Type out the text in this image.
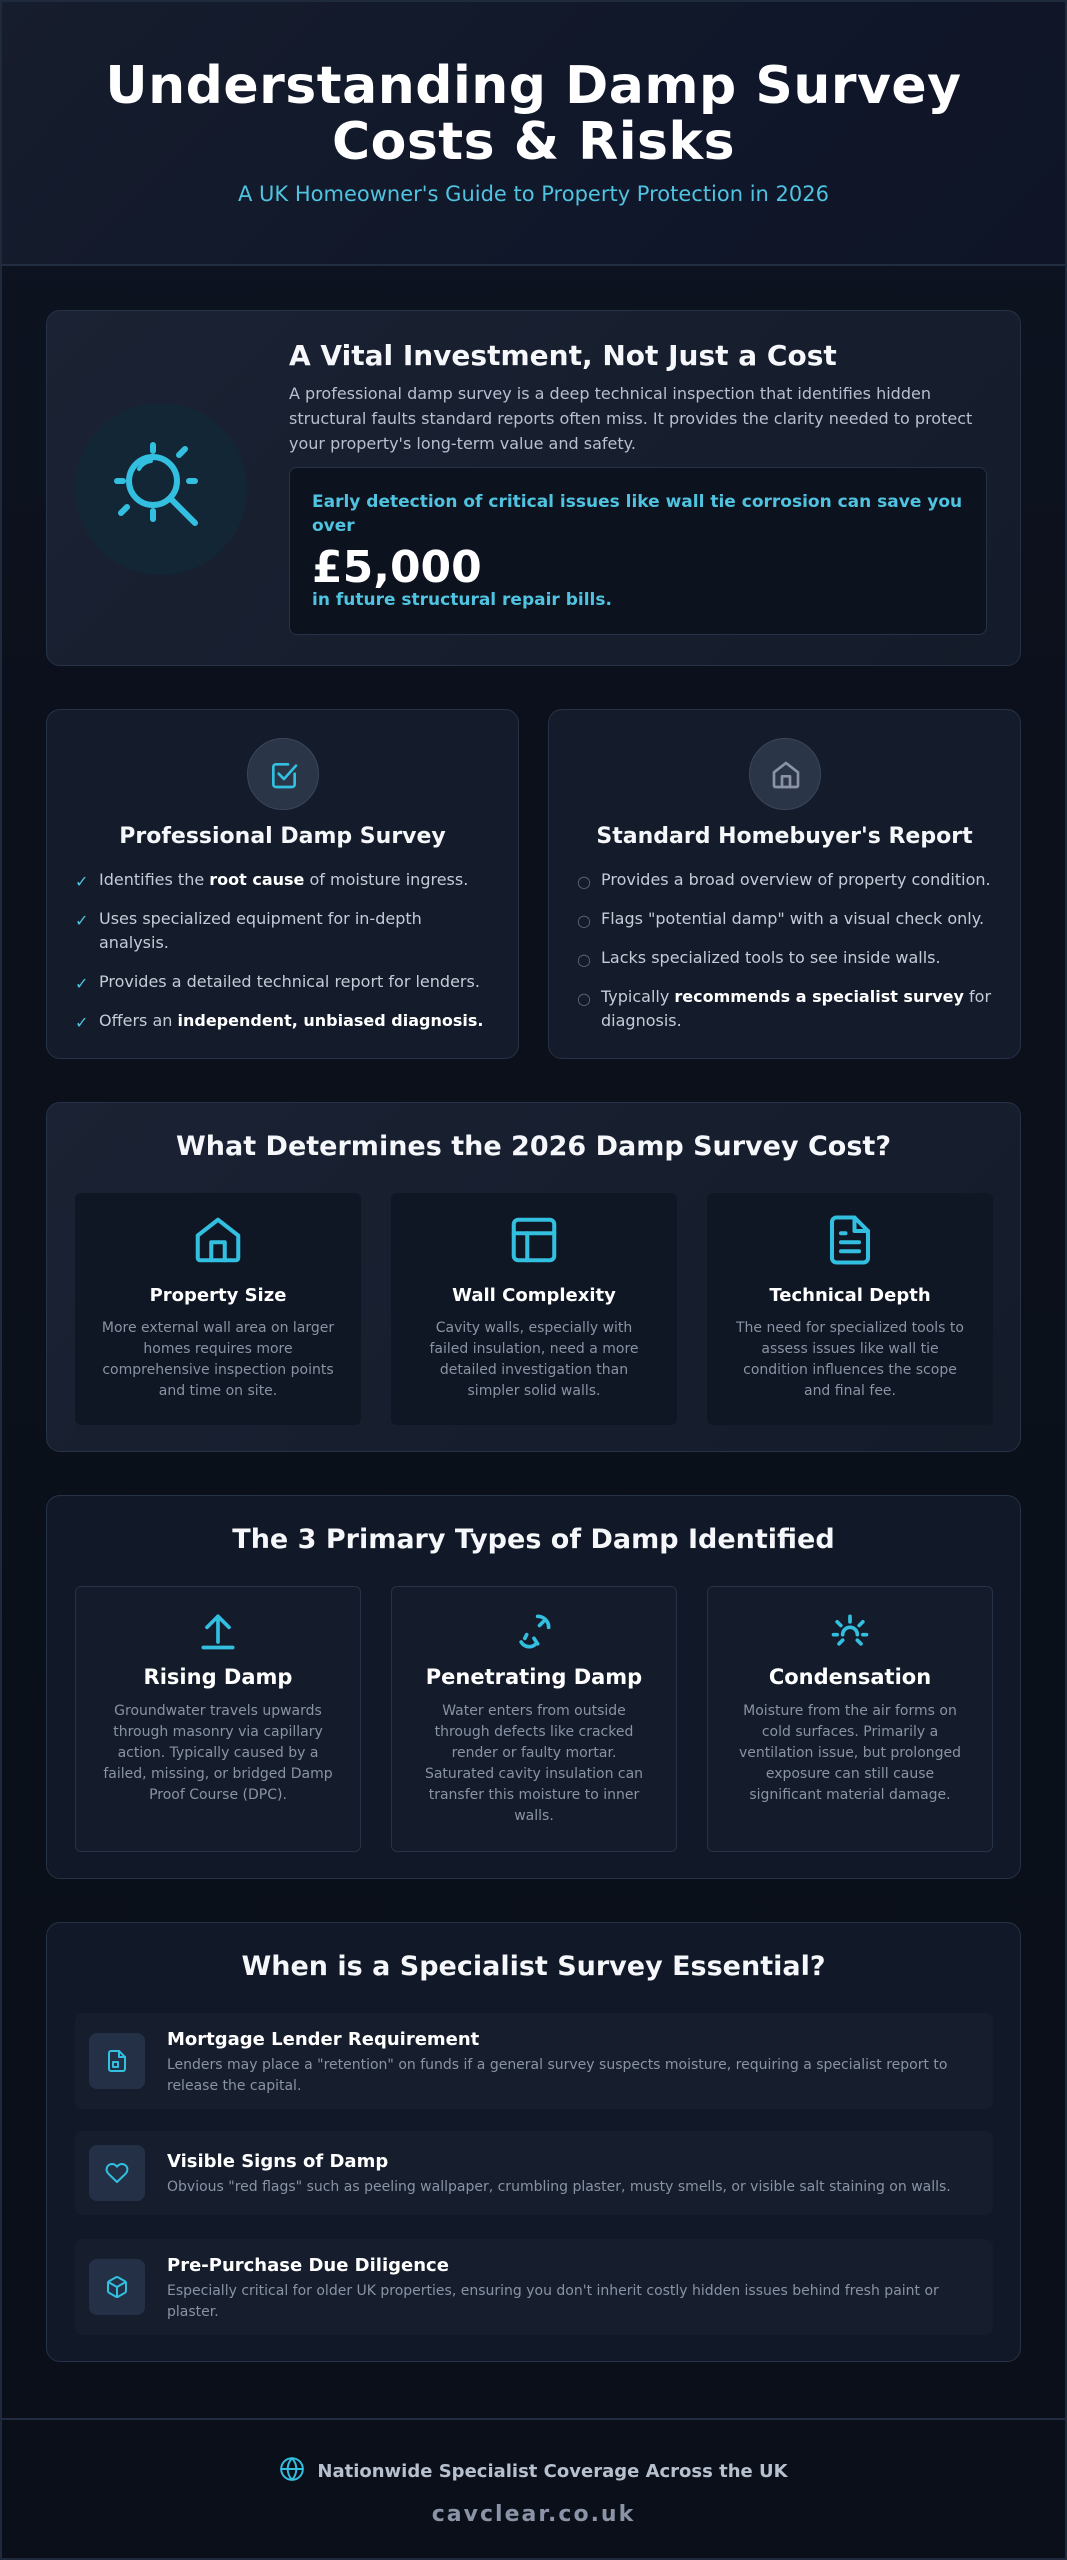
Understanding Damp Survey Costs & Risks
A UK Homeowner's Guide to Property Protection in 2026
A Vital Investment, Not Just a Cost
A professional damp survey is a deep technical inspection that identifies hidden structural faults standard reports often miss. It provides the clarity needed to protect your property's long-term value and safety.
Early detection of critical issues like wall tie corrosion can save you over
£5,000
in future structural repair bills.
Professional Damp Survey
✓ Identifies the root cause of moisture ingress.
✓ Uses specialized equipment for in-depth analysis.
✓ Provides a detailed technical report for lenders.
✓ Offers an independent, unbiased diagnosis.
Standard Homebuyer's Report
○ Provides a broad overview of property condition.
○ Flags "potential damp" with a visual check only.
○ Lacks specialized tools to see inside walls.
○ Typically recommends a specialist survey for diagnosis.
What Determines the 2026 Damp Survey Cost?
Property Size
More external wall area on larger homes requires more comprehensive inspection points and time on site.
Wall Complexity
Cavity walls, especially with failed insulation, need a more detailed investigation than simpler solid walls.
Technical Depth
The need for specialized tools to assess issues like wall tie condition influences the scope and final fee.
The 3 Primary Types of Damp Identified
Rising Damp
Groundwater travels upwards through masonry via capillary action. Typically caused by a failed, missing, or bridged Damp Proof Course (DPC).
Penetrating Damp
Water enters from outside through defects like cracked render or faulty mortar. Saturated cavity insulation can transfer this moisture to inner walls.
Condensation
Moisture from the air forms on cold surfaces. Primarily a ventilation issue, but prolonged exposure can still cause significant material damage.
When is a Specialist Survey Essential?
Mortgage Lender Requirement
Lenders may place a "retention" on funds if a general survey suspects moisture, requiring a specialist report to release the capital.
Visible Signs of Damp
Obvious "red flags" such as peeling wallpaper, crumbling plaster, musty smells, or visible salt staining on walls.
Pre-Purchase Due Diligence
Especially critical for older UK properties, ensuring you don't inherit costly hidden issues behind fresh paint or plaster.
Nationwide Specialist Coverage Across the UK
cavclear.co.uk
